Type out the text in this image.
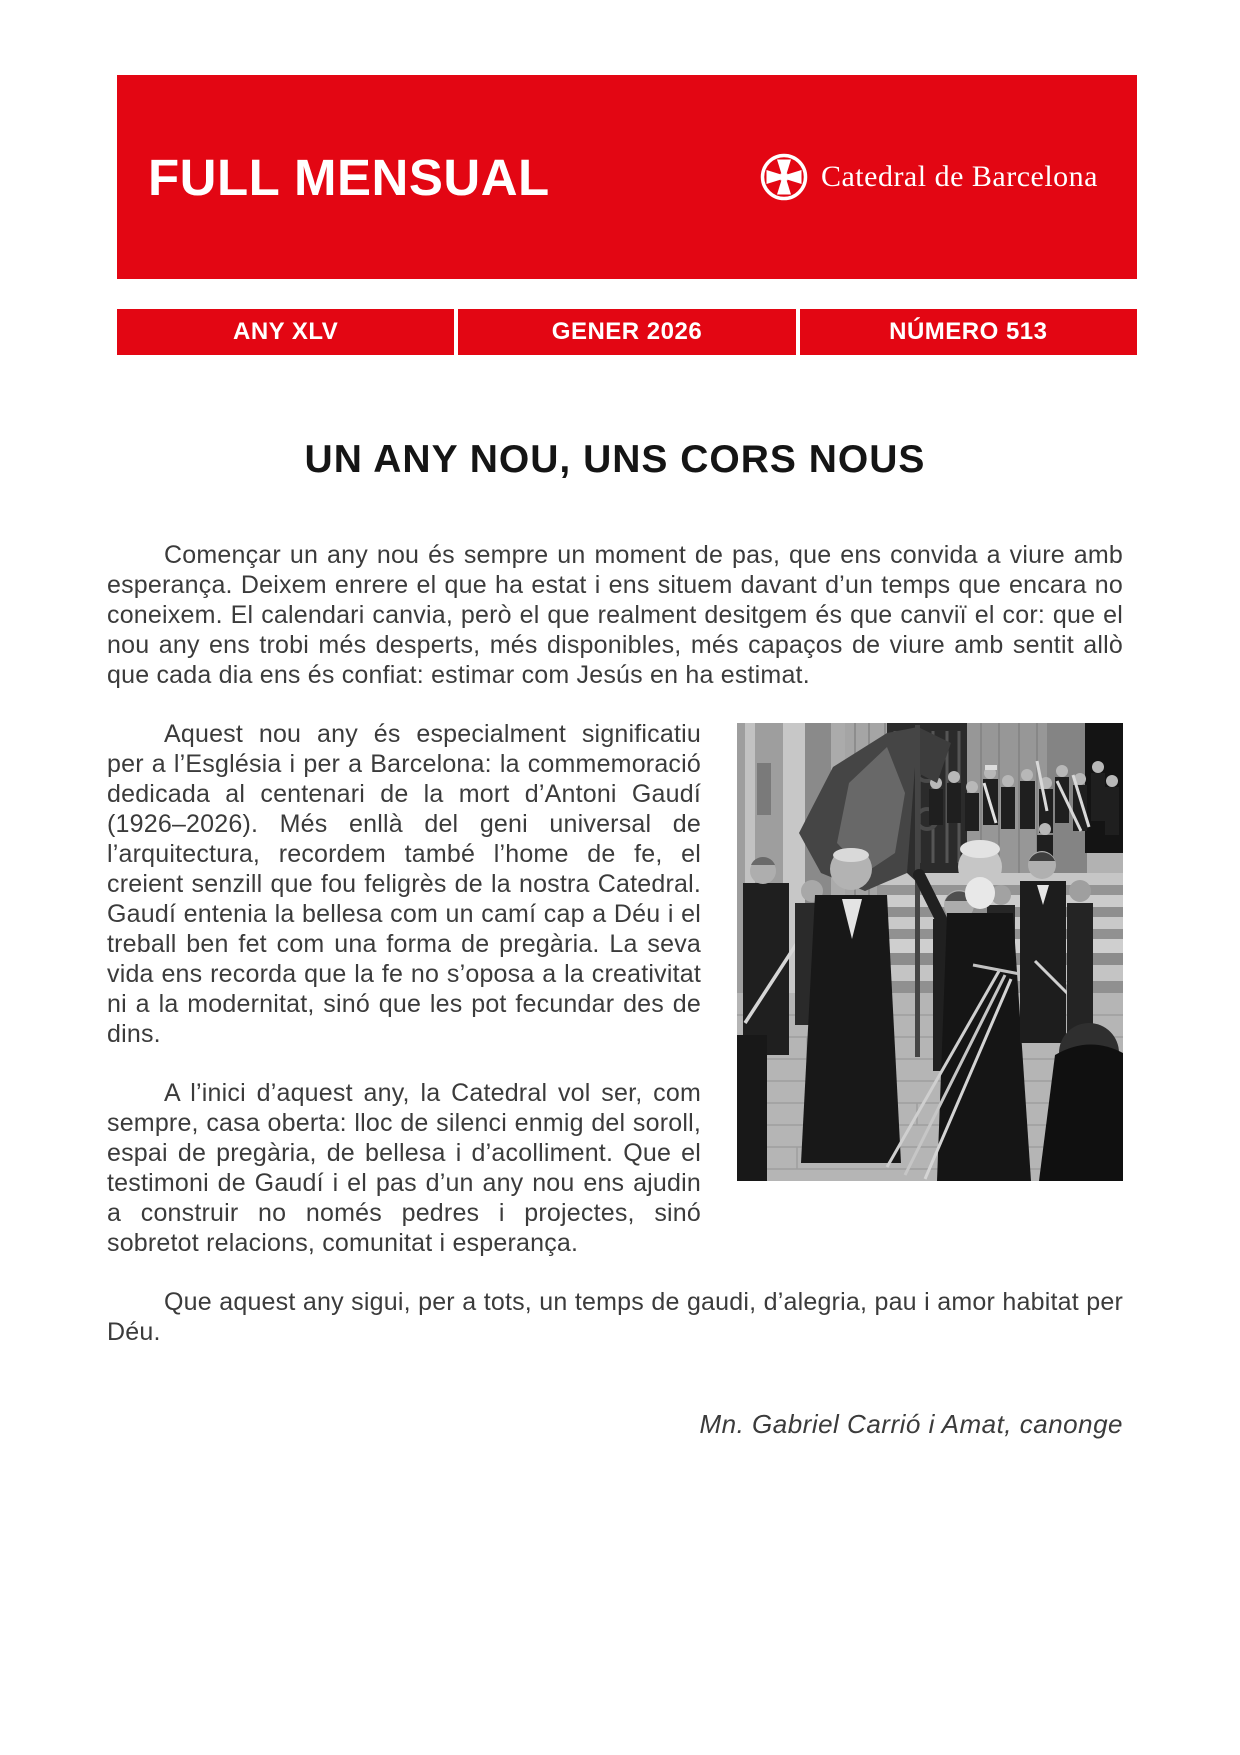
FULL MENSUAL	Catedral de Barcelona
ANY XLV	GENER 2026	NÚMERO 513
UN ANY NOU, UNS CORS NOUS

Començar un any nou és sempre un moment de pas, que ens convida a viure amb esperança. Deixem enrere el que ha estat i ens situem davant d’un temps que encara no coneixem. El calendari canvia, però el que realment desitgem és que canviï el cor: que el nou any ens trobi més desperts, més disponibles, més capaços de viure amb sentit allò que cada dia ens és confiat: estimar com Jesús en ha estimat.

Aquest nou any és especialment significatiu per a l’Església i per a Barcelona: la commemoració dedicada al centenari de la mort d’Antoni Gaudí (1926–2026). Més enllà del geni universal de l’arquitectura, recordem també l’home de fe, el creient senzill que fou feligrès de la nostra Catedral. Gaudí entenia la bellesa com un camí cap a Déu i el treball ben fet com una forma de pregària. La seva vida ens recorda que la fe no s’oposa a la creativitat ni a la modernitat, sinó que les pot fecundar des de dins.

A l’inici d’aquest any, la Catedral vol ser, com sempre, casa oberta: lloc de silenci enmig del soroll, espai de pregària, de bellesa i d’acolliment. Que el testimoni de Gaudí i el pas d’un any nou ens ajudin a construir no només pedres i projectes, sinó sobretot relacions, comunitat i esperança.

Que aquest any sigui, per a tots, un temps de gaudi, d’alegria, pau i amor habitat per Déu.

Mn. Gabriel Carrió i Amat, canonge
